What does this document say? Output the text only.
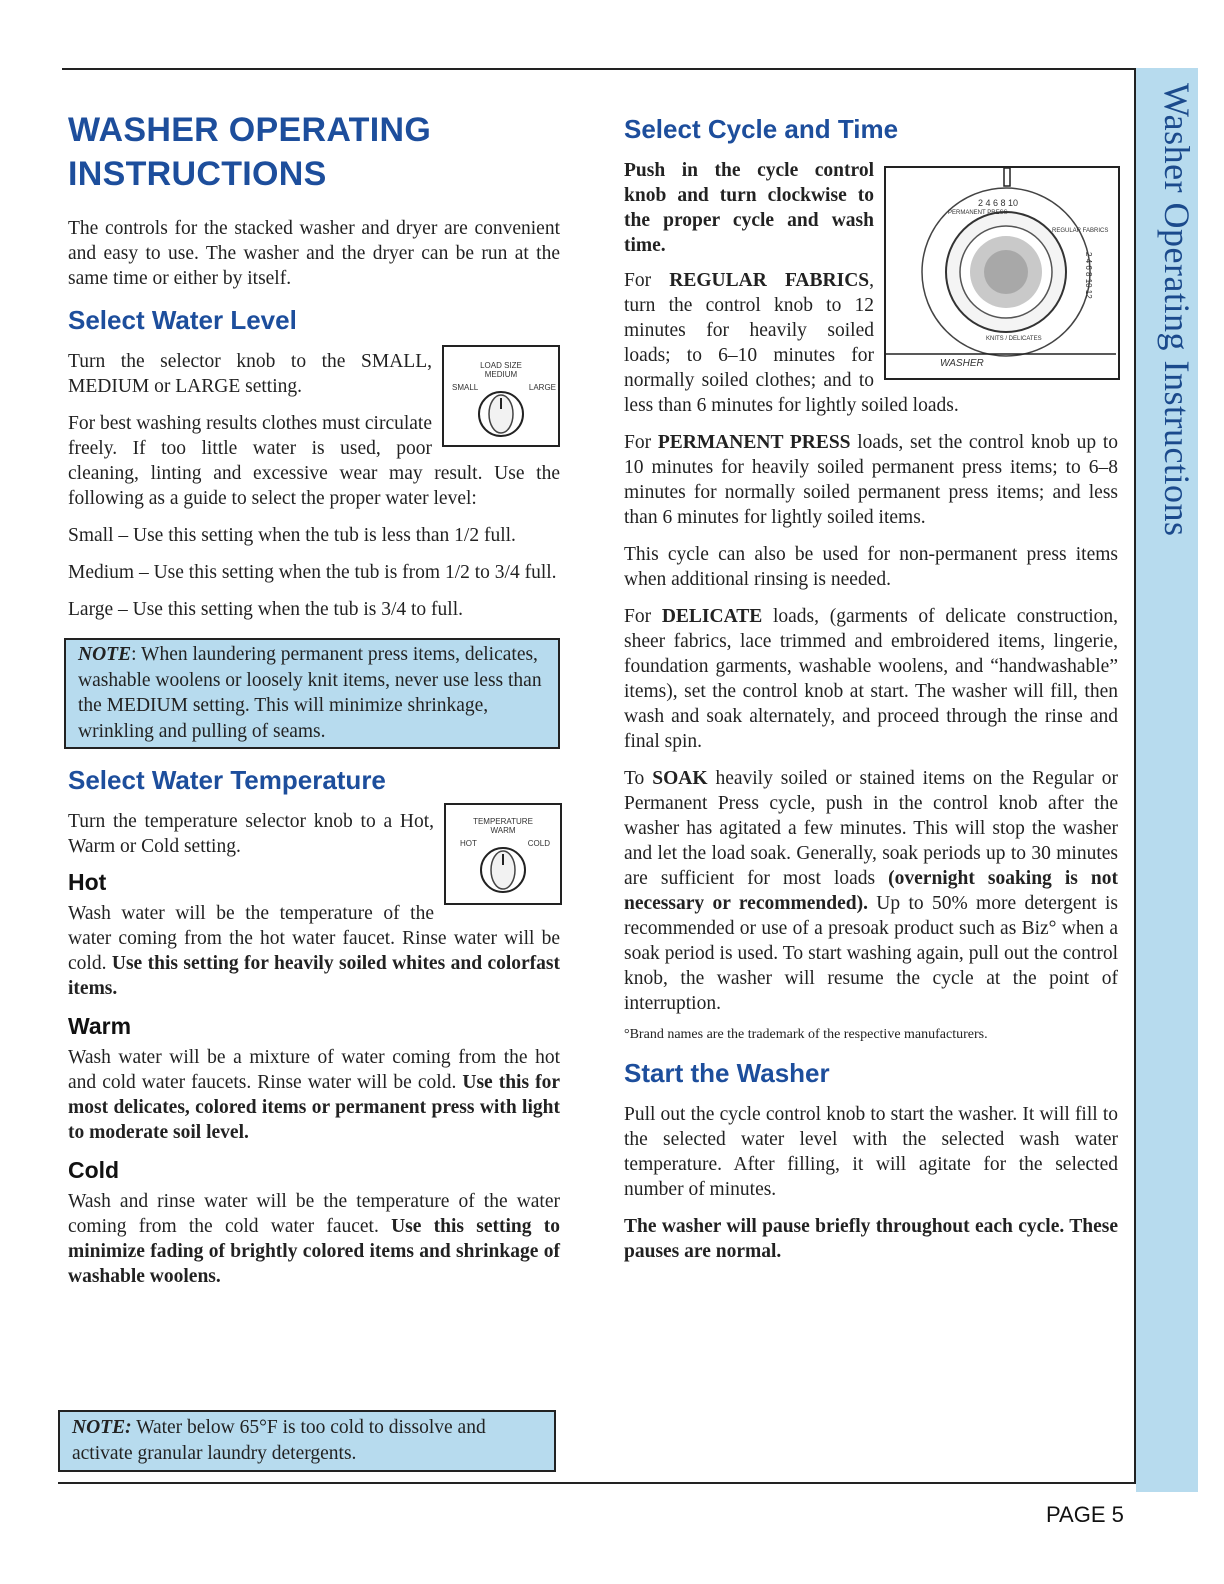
Washer Operating Instructions
PAGE 5
WASHER OPERATING
INSTRUCTIONS

The controls for the stacked washer and dryer are convenient and easy to use. The washer and the dryer can be run at the same time or either by itself.

Select Water Level
LOAD SIZE
MEDIUM
SMALL	LARGE

Turn the selector knob to the SMALL, MEDIUM or LARGE setting.

For best washing results clothes must circulate freely. If too little water is used, poor cleaning, linting and excessive wear may result. Use the following as a guide to select the proper water level:

Small – Use this setting when the tub is less than 1/2 full.

Medium – Use this setting when the tub is from 1/2 to 3/4 full.

Large – Use this setting when the tub is 3/4 to full.

NOTE: When laundering permanent press items, delicates, washable woolens or loosely knit items, never use less than the MEDIUM setting. This will minimize shrinkage, wrinkling and pulling of seams.
Select Water Temperature
TEMPERATURE
WARM
HOT	COLD

Turn the temperature selector knob to a Hot, Warm or Cold setting.

Hot

Wash water will be the temperature of the water coming from the hot water faucet. Rinse water will be cold. Use this setting for heavily soiled whites and colorfast items.

Warm

Wash water will be a mixture of water coming from the hot and cold water faucets. Rinse water will be cold. Use this for most delicates, colored items or permanent press with light to moderate soil level.

Cold

Wash and rinse water will be the temperature of the water coming from the cold water faucet. Use this setting to minimize fading of brightly colored items and shrinkage of washable woolens.

NOTE: Water below 65°F is too cold to dissolve and activate granular laundry detergents.
Select Cycle and Time
2 4 6 8 10
PERMANENT PRESS
REGULAR FABRICS
2 4 6 8 10 12
KNITS / DELICATES
WASHER

Push in the cycle control knob and turn clockwise to the proper cycle and wash time.

For REGULAR FABRICS, turn the control knob to 12 minutes for heavily soiled loads; to 6–10 minutes for normally soiled clothes; and to less than 6 minutes for lightly soiled loads.

For PERMANENT PRESS loads, set the control knob up to 10 minutes for heavily soiled permanent press items; to 6–8 minutes for normally soiled permanent press items; and less than 6 minutes for lightly soiled items.

This cycle can also be used for non-permanent press items when additional rinsing is needed.

For DELICATE loads, (garments of delicate construction, sheer fabrics, lace trimmed and embroidered items, lingerie, foundation garments, washable woolens, and “handwashable” items), set the control knob at start. The washer will fill, then wash and soak alternately, and proceed through the rinse and final spin.

To SOAK heavily soiled or stained items on the Regular or Permanent Press cycle, push in the control knob after the washer has agitated a few minutes. This will stop the washer and let the load soak. Generally, soak periods up to 30 minutes are sufficient for most loads (overnight soaking is not necessary or recommended). Up to 50% more detergent is recommended or use of a presoak product such as Biz° when a soak period is used. To start washing again, pull out the control knob, the washer will resume the cycle at the point of interruption.

°Brand names are the trademark of the respective manufacturers.

Start the Washer

Pull out the cycle control knob to start the washer. It will fill to the selected water level with the selected wash water temperature. After filling, it will agitate for the selected number of minutes.

The washer will pause briefly throughout each cycle. These pauses are normal.
